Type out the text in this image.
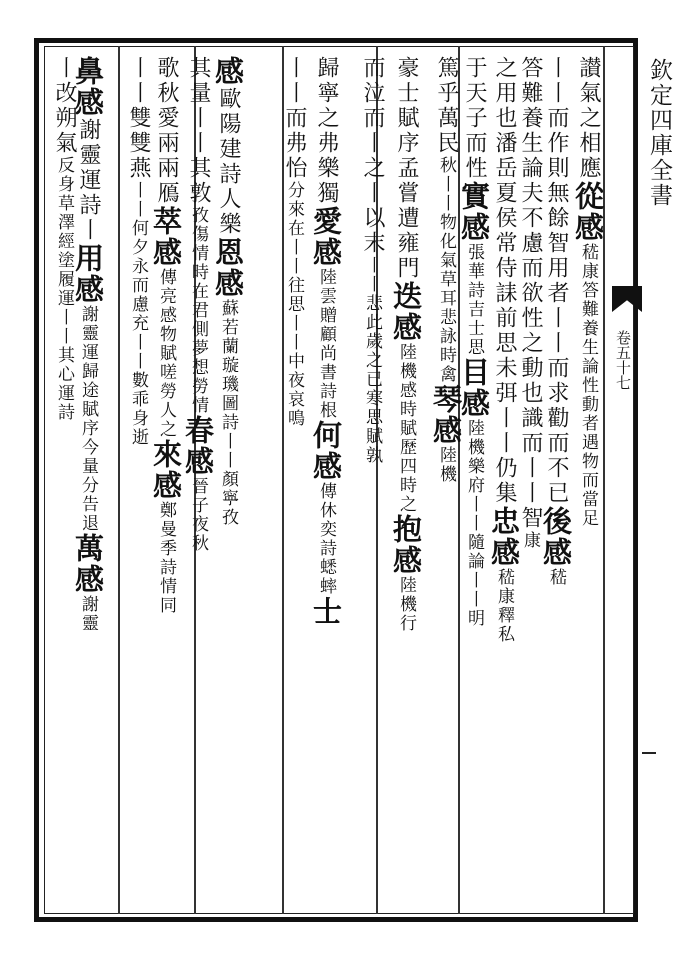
欽定四庫全書
卷五十七
讃氣之相應從感嵇康答難養生論性動者遇物而當足
丨丨而作則無餘智用者丨丨而求勸而不已後感嵇
答難養生論夫不慮而欲性之動也識而丨丨智康
之用也潘岳夏侯常侍誄前思未弭丨丨仍集忠感嵇康釋私
于天子而性實感張華詩吉士思目感陸機樂府丨丨隨論丨丨明
篤乎萬民秋丨丨物化氣草耳悲詠時禽琴感陸機
豪士賦序孟嘗遭雍門迭感陸機感時賦歷四時之抱感陸機行
而泣而丨之丨以末丨丨悲此歲之已寒思賦孰
歸寧之弗樂獨愛感陸雲贈顧尚書詩根何感傳休奕詩蟋蟀士
丨丨而弗怡分來在丨丨往思丨丨中夜哀鳴
感歐陽建詩人樂恩感蘇若蘭璇璣圖詩丨丨顏寧孜
其量丨丨其敦孜傷情時在君側夢想勞情春感晉子夜秋
歌秋愛兩兩鴈萃感傳亮感物賦嗟勞人之來感鄭曼季詩情同
丨丨雙雙燕丨丨何夕永而慮充丨丨數乖身逝
鼻感謝靈運詩丨用感謝靈運歸途賦序今量分告退萬感謝靈
丨改朔氣反身草澤經塗履運丨丨其心運詩
